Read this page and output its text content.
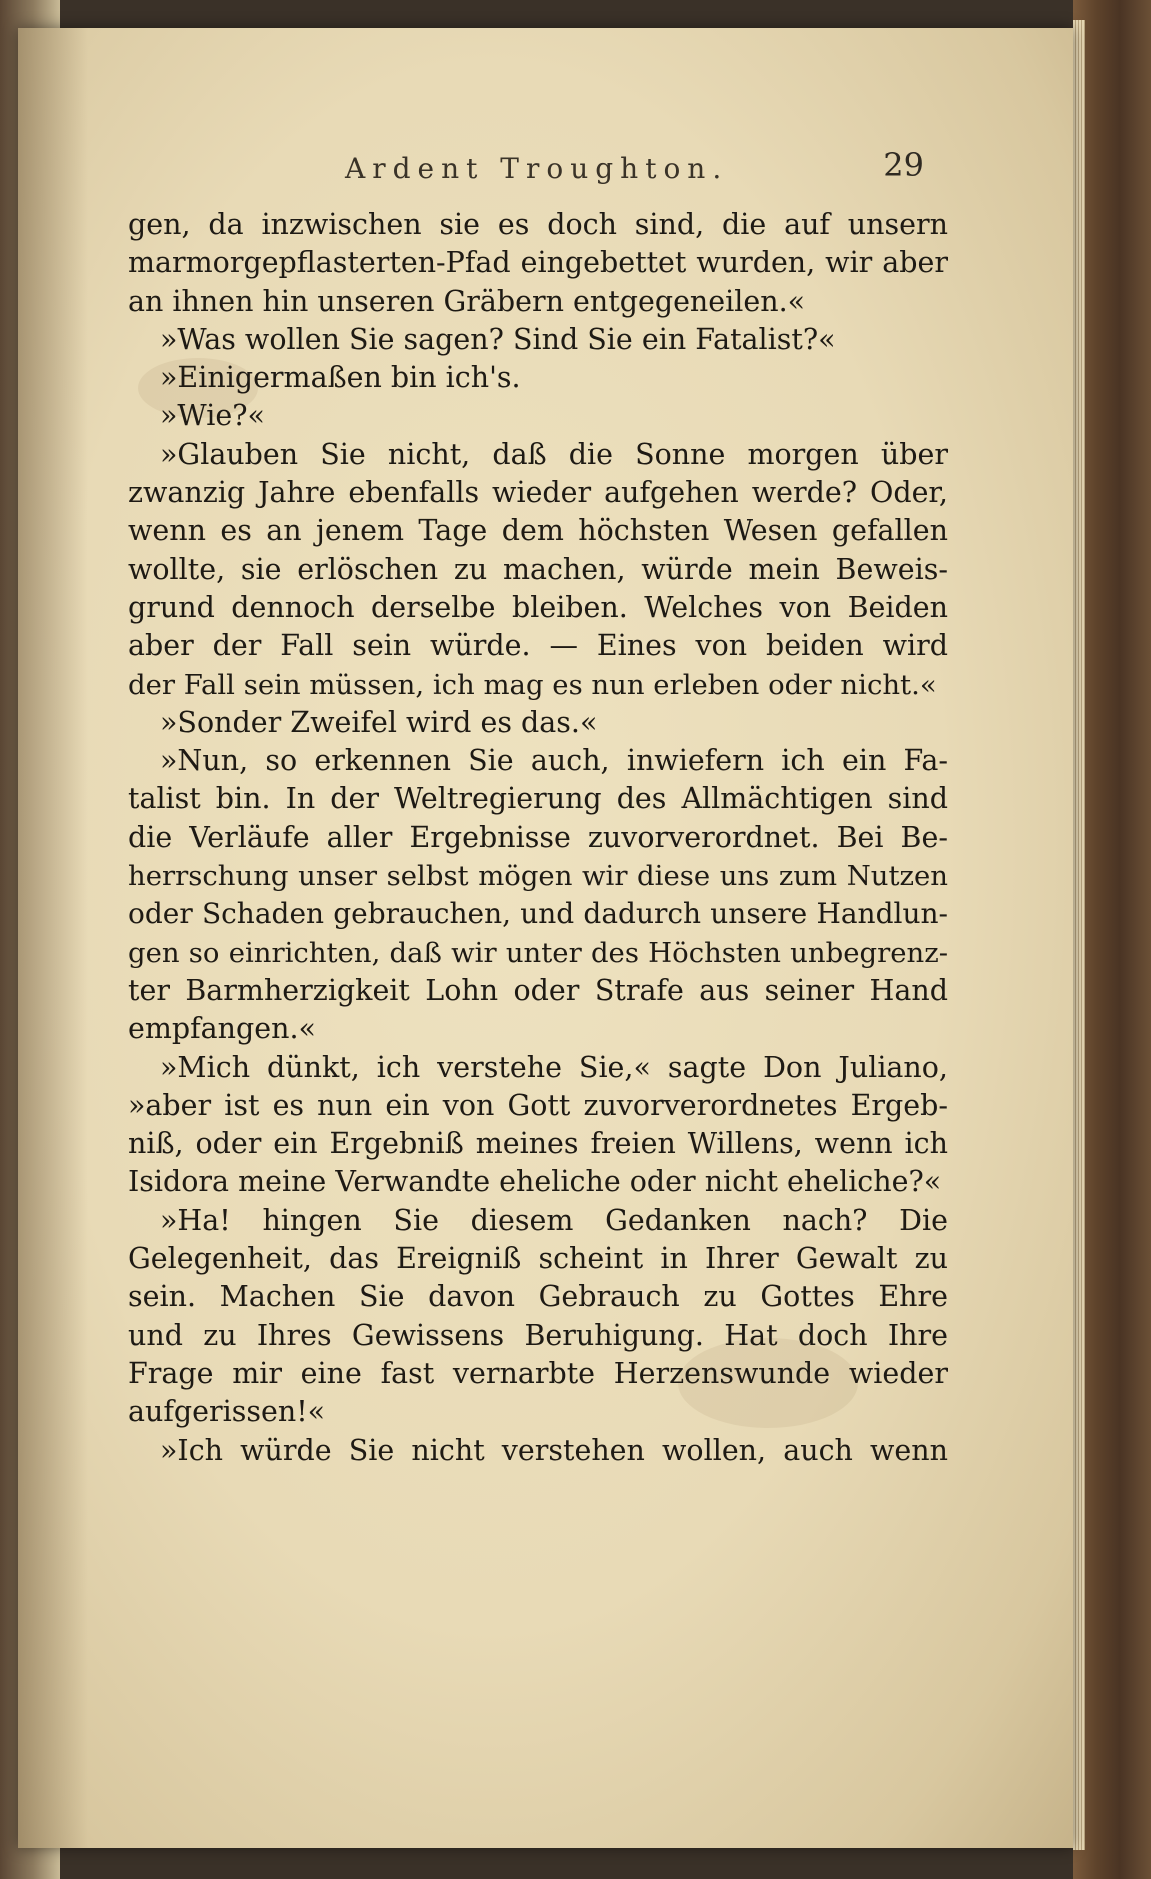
Ardent Troughton.	29
gen, da inzwischen sie es doch sind, die auf unsern
marmorgepflasterten-Pfad eingebettet wurden, wir aber
an ihnen hin unseren Gräbern entgegeneilen.«
»Was wollen Sie sagen? Sind Sie ein Fatalist?«
»Einigermaßen bin ich's.
»Wie?«
»Glauben Sie nicht, daß die Sonne morgen über
zwanzig Jahre ebenfalls wieder aufgehen werde? Oder,
wenn es an jenem Tage dem höchsten Wesen gefallen
wollte, sie erlöschen zu machen, würde mein Beweis-
grund dennoch derselbe bleiben. Welches von Beiden
aber der Fall sein würde. — Eines von beiden wird
der Fall sein müssen, ich mag es nun erleben oder nicht.«
»Sonder Zweifel wird es das.«
»Nun, so erkennen Sie auch, inwiefern ich ein Fa-
talist bin. In der Weltregierung des Allmächtigen sind
die Verläufe aller Ergebnisse zuvorverordnet. Bei Be-
herrschung unser selbst mögen wir diese uns zum Nutzen
oder Schaden gebrauchen, und dadurch unsere Handlun-
gen so einrichten, daß wir unter des Höchsten unbegrenz-
ter Barmherzigkeit Lohn oder Strafe aus seiner Hand
empfangen.«
»Mich dünkt, ich verstehe Sie,« sagte Don Juliano,
»aber ist es nun ein von Gott zuvorverordnetes Ergeb-
niß, oder ein Ergebniß meines freien Willens, wenn ich
Isidora meine Verwandte eheliche oder nicht eheliche?«
»Ha! hingen Sie diesem Gedanken nach? Die
Gelegenheit, das Ereigniß scheint in Ihrer Gewalt zu
sein. Machen Sie davon Gebrauch zu Gottes Ehre
und zu Ihres Gewissens Beruhigung. Hat doch Ihre
Frage mir eine fast vernarbte Herzenswunde wieder
aufgerissen!«
»Ich würde Sie nicht verstehen wollen, auch wenn
